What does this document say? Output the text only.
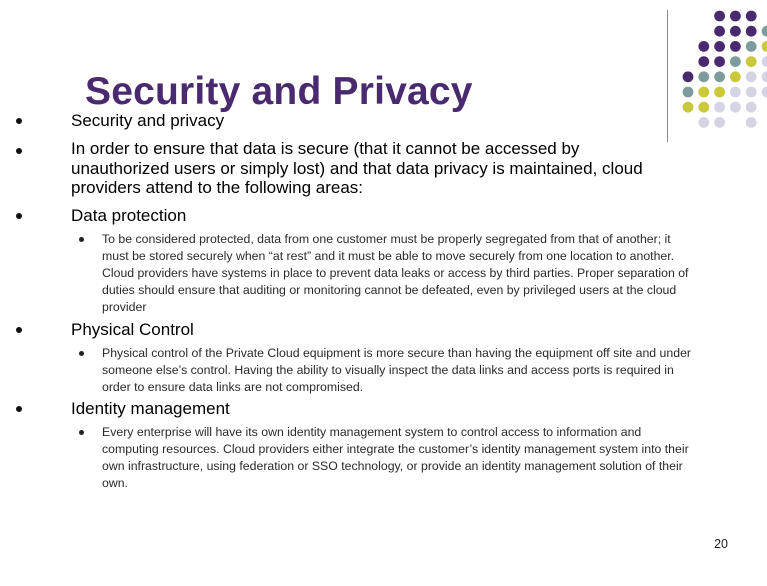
Security and Privacy
Security and privacy
In order to ensure that data is secure (that it cannot be accessed by unauthorized users or simply lost) and that data privacy is maintained, cloud providers attend to the following areas:
Data protection
To be considered protected, data from one customer must be properly segregated from that of another; it must be stored securely when “at rest” and it must be able to move securely from one location to another. Cloud providers have systems in place to prevent data leaks or access by third parties. Proper separation of duties should ensure that auditing or monitoring cannot be defeated, even by privileged users at the cloud provider
Physical Control
Physical control of the Private Cloud equipment is more secure than having the equipment off site and under someone else’s control. Having the ability to visually inspect the data links and access ports is required in order to ensure data links are not compromised.
Identity management
Every enterprise will have its own identity management system to control access to information and computing resources. Cloud providers either integrate the customer’s identity management system into their own infrastructure, using federation or SSO technology, or provide an identity management solution of their own.
20
